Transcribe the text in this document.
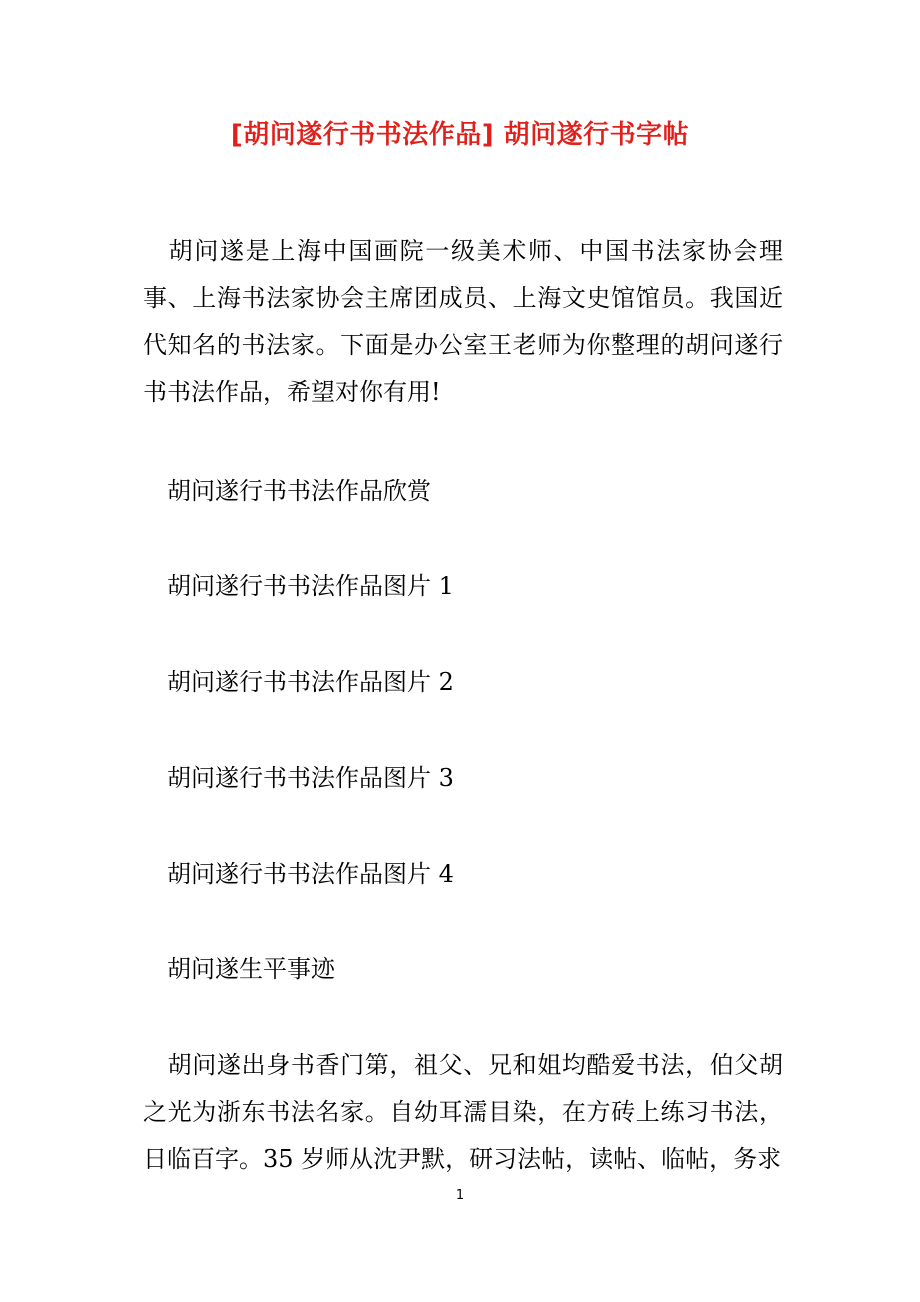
[胡问遂行书书法作品] 胡问遂行书字帖

胡问遂是上海中国画院一级美术师、中国书法家协会理事、上海书法家协会主席团成员、上海文史馆馆员。我国近代知名的书法家。下面是办公室王老师为你整理的胡问遂行书书法作品，希望对你有用!

胡问遂行书书法作品欣赏
胡问遂行书书法作品图片 1
胡问遂行书书法作品图片 2
胡问遂行书书法作品图片 3
胡问遂行书书法作品图片 4
胡问遂生平事迹

胡问遂出身书香门第，祖父、兄和姐均酷爱书法，伯父胡之光为浙东书法名家。自幼耳濡目染，在方砖上练习书法，日临百字。35 岁师从沈尹默，研习法帖，读帖、临帖，务求

1
